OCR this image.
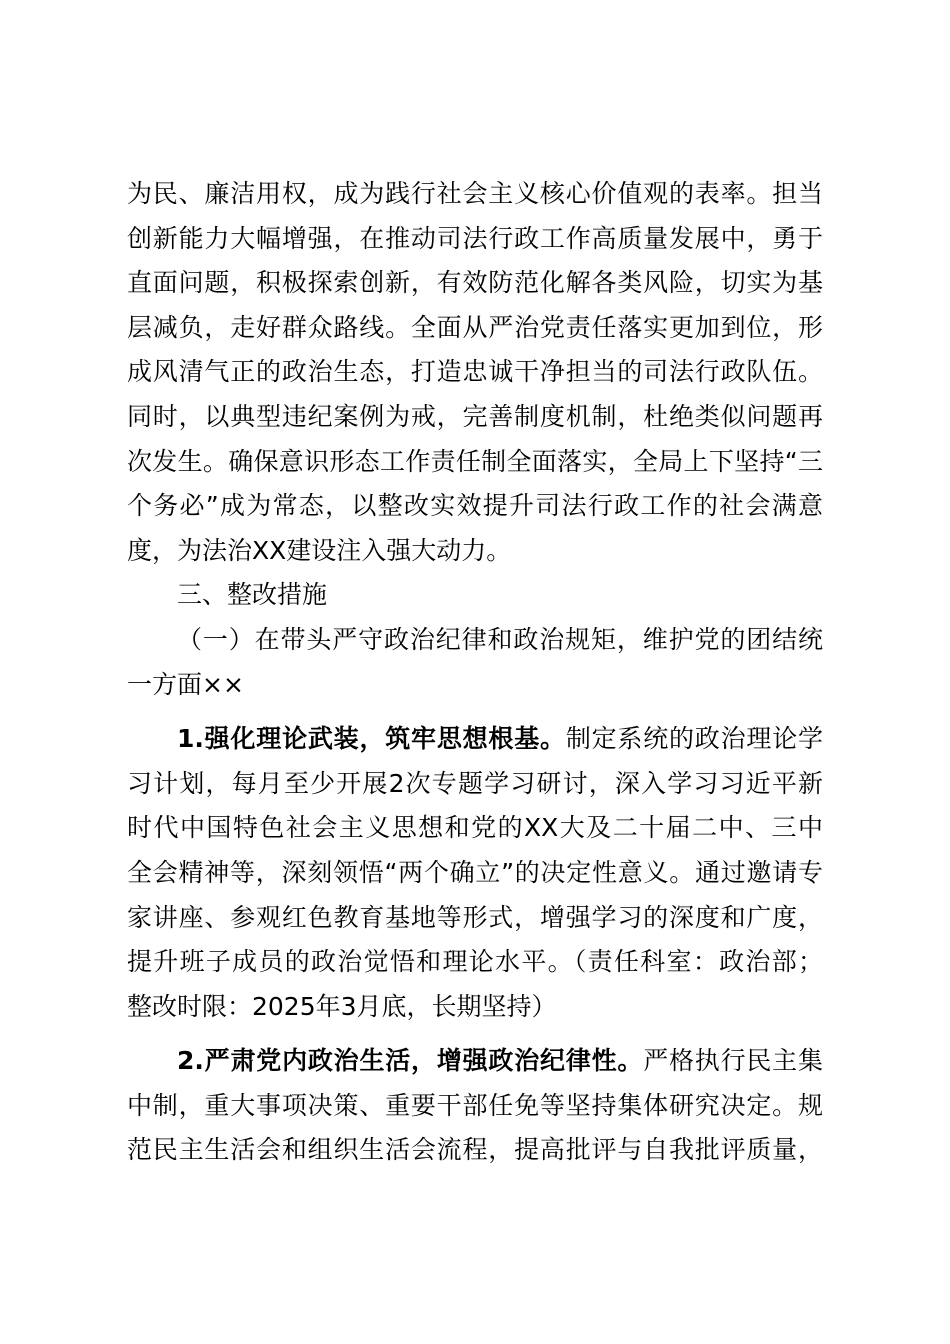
为民、廉洁用权，成为践行社会主义核心价值观的表率。担当
创新能力大幅增强，在推动司法行政工作高质量发展中，勇于
直面问题，积极探索创新，有效防范化解各类风险，切实为基
层减负，走好群众路线。全面从严治党责任落实更加到位，形
成风清气正的政治生态，打造忠诚干净担当的司法行政队伍。
同时，以典型违纪案例为戒，完善制度机制，杜绝类似问题再
次发生。确保意识形态工作责任制全面落实，全局上下坚持“三
个务必”成为常态，以整改实效提升司法行政工作的社会满意
度，为法治XX建设注入强大动力。
三、整改措施
（一）在带头严守政治纪律和政治规矩，维护党的团结统
一方面××
1.强化理论武装，筑牢思想根基。制定系统的政治理论学
习计划，每月至少开展2次专题学习研讨，深入学习习近平新
时代中国特色社会主义思想和党的XX大及二十届二中、三中
全会精神等，深刻领悟“两个确立”的决定性意义。通过邀请专
家讲座、参观红色教育基地等形式，增强学习的深度和广度，
提升班子成员的政治觉悟和理论水平。（责任科室：政治部；
整改时限：2025年3月底，长期坚持）
2.严肃党内政治生活，增强政治纪律性。严格执行民主集
中制，重大事项决策、重要干部任免等坚持集体研究决定。规
范民主生活会和组织生活会流程，提高批评与自我批评质量，
